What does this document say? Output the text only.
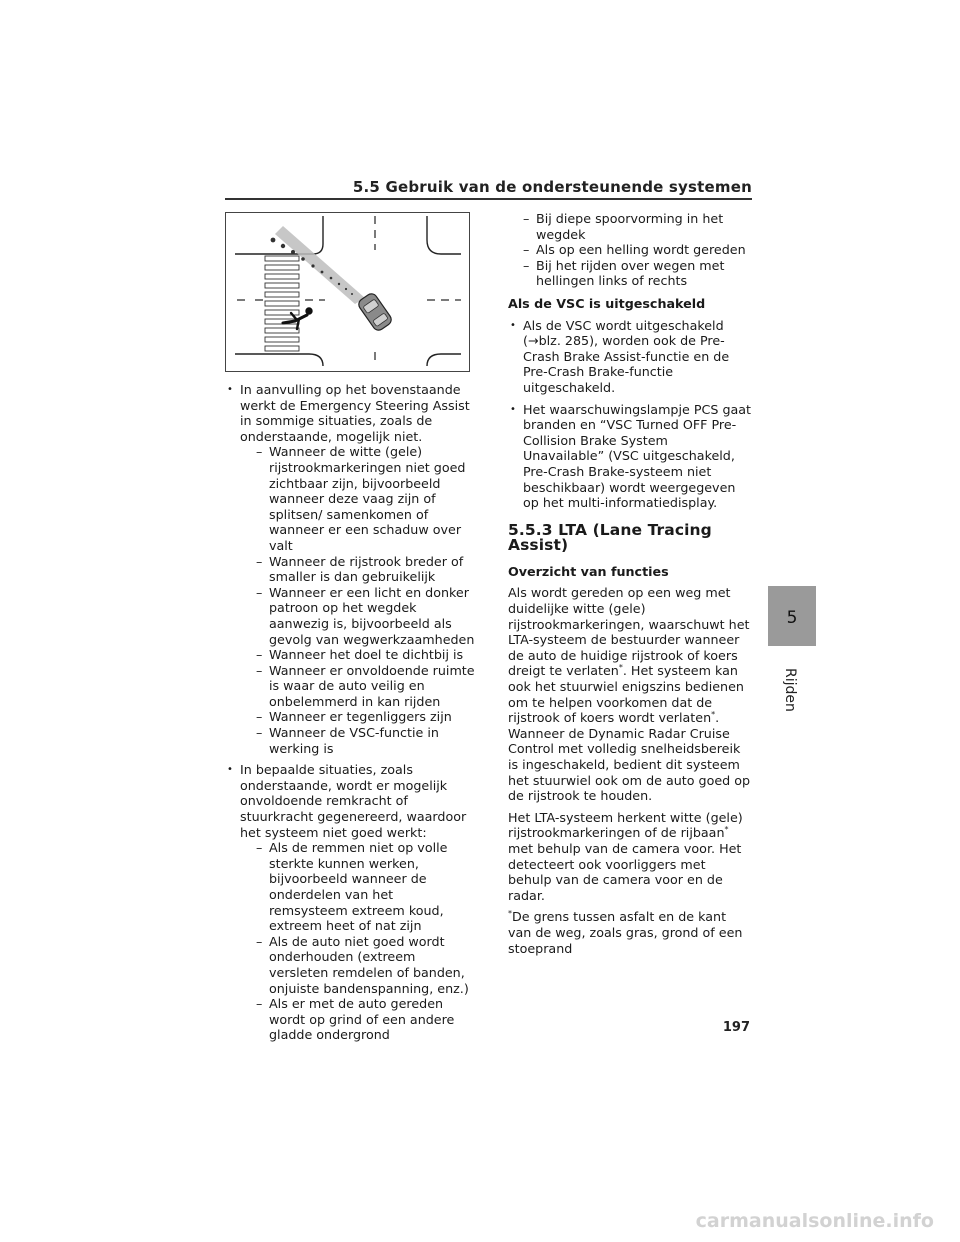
5.5 Gebruik van de ondersteunende systemen
5
Rijden
• In aanvulling op het bovenstaande werkt de Emergency Steering Assist in sommige situaties, zoals de onderstaande, mogelijk niet.
– Wanneer de witte (gele) rijstrookmarkeringen niet goed zichtbaar zijn, bijvoorbeeld wanneer deze vaag zijn of splitsen/ samenkomen of wanneer er een schaduw over valt
– Wanneer de rijstrook breder of smaller is dan gebruikelijk
– Wanneer er een licht en donker patroon op het wegdek aanwezig is, bijvoorbeeld als gevolg van wegwerkzaamheden
– Wanneer het doel te dichtbij is
– Wanneer er onvoldoende ruimte is waar de auto veilig en onbelemmerd in kan rijden
– Wanneer er tegenliggers zijn
– Wanneer de VSC-functie in werking is
• In bepaalde situaties, zoals onderstaande, wordt er mogelijk onvoldoende remkracht of stuurkracht gegenereerd, waardoor het systeem niet goed werkt:
– Als de remmen niet op volle sterkte kunnen werken, bijvoorbeeld wanneer de onderdelen van het remsysteem extreem koud, extreem heet of nat zijn
– Als de auto niet goed wordt onderhouden (extreem versleten remdelen of banden, onjuiste bandenspanning, enz.)
– Als er met de auto gereden wordt op grind of een andere gladde ondergrond
– Bij diepe spoorvorming in het wegdek
– Als op een helling wordt gereden
– Bij het rijden over wegen met hellingen links of rechts
Als de VSC is uitgeschakeld
• Als de VSC wordt uitgeschakeld (→blz. 285), worden ook de Pre-Crash Brake Assist-functie en de Pre-Crash Brake-functie uitgeschakeld.
• Het waarschuwingslampje PCS gaat branden en “VSC Turned OFF Pre-Collision Brake System Unavailable” (VSC uitgeschakeld, Pre-Crash Brake-systeem niet beschikbaar) wordt weergegeven op het multi-informatiedisplay.
5.5.3 LTA (Lane Tracing Assist)
Overzicht van functies
Als wordt gereden op een weg met duidelijke witte (gele) rijstrookmarkeringen, waarschuwt het LTA-systeem de bestuurder wanneer de auto de huidige rijstrook of koers dreigt te verlaten*. Het systeem kan ook het stuurwiel enigszins bedienen om te helpen voorkomen dat de rijstrook of koers wordt verlaten*. Wanneer de Dynamic Radar Cruise Control met volledig snelheidsbereik is ingeschakeld, bedient dit systeem het stuurwiel ook om de auto goed op de rijstrook te houden.
Het LTA-systeem herkent witte (gele) rijstrookmarkeringen of de rijbaan* met behulp van de camera voor. Het detecteert ook voorliggers met behulp van de camera voor en de radar.
*De grens tussen asfalt en de kant van de weg, zoals gras, grond of een stoeprand
197
carmanualsonline.info
